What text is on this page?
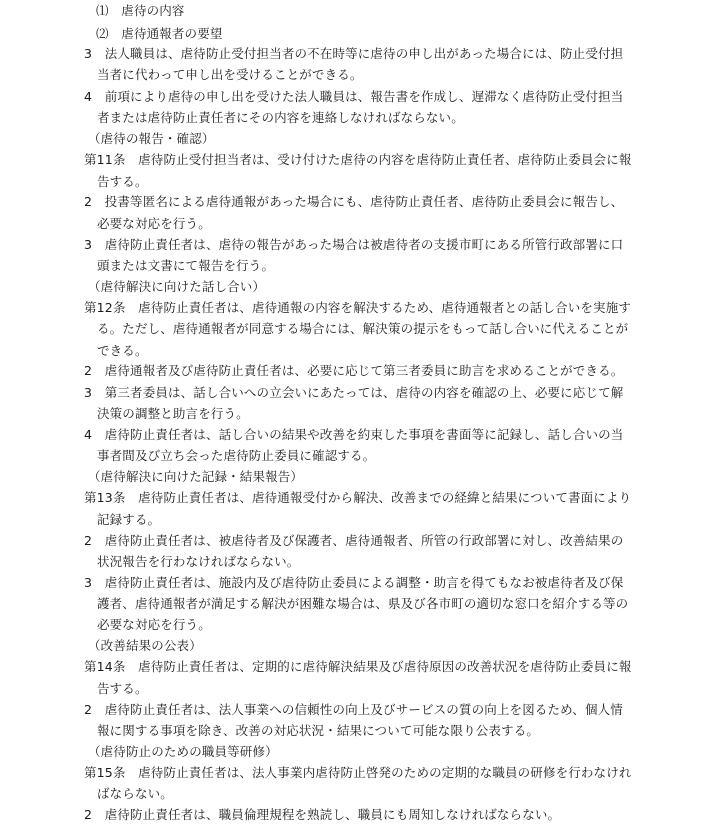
⑴　虐待の内容
⑵　虐待通報者の要望
3　法人職員は、虐待防止受付担当者の不在時等に虐待の申し出があった場合には、防止受付担
当者に代わって申し出を受けることができる。
4　前項により虐待の申し出を受けた法人職員は、報告書を作成し、遅滞なく虐待防止受付担当
者または虐待防止責任者にその内容を連絡しなければならない。
（虐待の報告・確認）
第11条　虐待防止受付担当者は、受け付けた虐待の内容を虐待防止責任者、虐待防止委員会に報
告する。
2　投書等匿名による虐待通報があった場合にも、虐待防止責任者、虐待防止委員会に報告し、
必要な対応を行う。
3　虐待防止責任者は、虐待の報告があった場合は被虐待者の支援市町にある所管行政部署に口
頭または文書にて報告を行う。
（虐待解決に向けた話し合い）
第12条　虐待防止責任者は、虐待通報の内容を解決するため、虐待通報者との話し合いを実施す
る。ただし、虐待通報者が同意する場合には、解決策の提示をもって話し合いに代えることが
できる。
2　虐待通報者及び虐待防止責任者は、必要に応じて第三者委員に助言を求めることができる。
3　第三者委員は、話し合いへの立会いにあたっては、虐待の内容を確認の上、必要に応じて解
決策の調整と助言を行う。
4　虐待防止責任者は、話し合いの結果や改善を約束した事項を書面等に記録し、話し合いの当
事者間及び立ち会った虐待防止委員に確認する。
（虐待解決に向けた記録・結果報告）
第13条　虐待防止責任者は、虐待通報受付から解決、改善までの経緯と結果について書面により
記録する。
2　虐待防止責任者は、被虐待者及び保護者、虐待通報者、所管の行政部署に対し、改善結果の
状況報告を行わなければならない。
3　虐待防止責任者は、施設内及び虐待防止委員による調整・助言を得てもなお被虐待者及び保
護者、虐待通報者が満足する解決が困難な場合は、県及び各市町の適切な窓口を紹介する等の
必要な対応を行う。
（改善結果の公表）
第14条　虐待防止責任者は、定期的に虐待解決結果及び虐待原因の改善状況を虐待防止委員に報
告する。
2　虐待防止責任者は、法人事業への信頼性の向上及びサービスの質の向上を図るため、個人情
報に関する事項を除き、改善の対応状況・結果について可能な限り公表する。
（虐待防止のための職員等研修）
第15条　虐待防止責任者は、法人事業内虐待防止啓発のための定期的な職員の研修を行わなけれ
ばならない。
2　虐待防止責任者は、職員倫理規程を熟読し、職員にも周知しなければならない。
